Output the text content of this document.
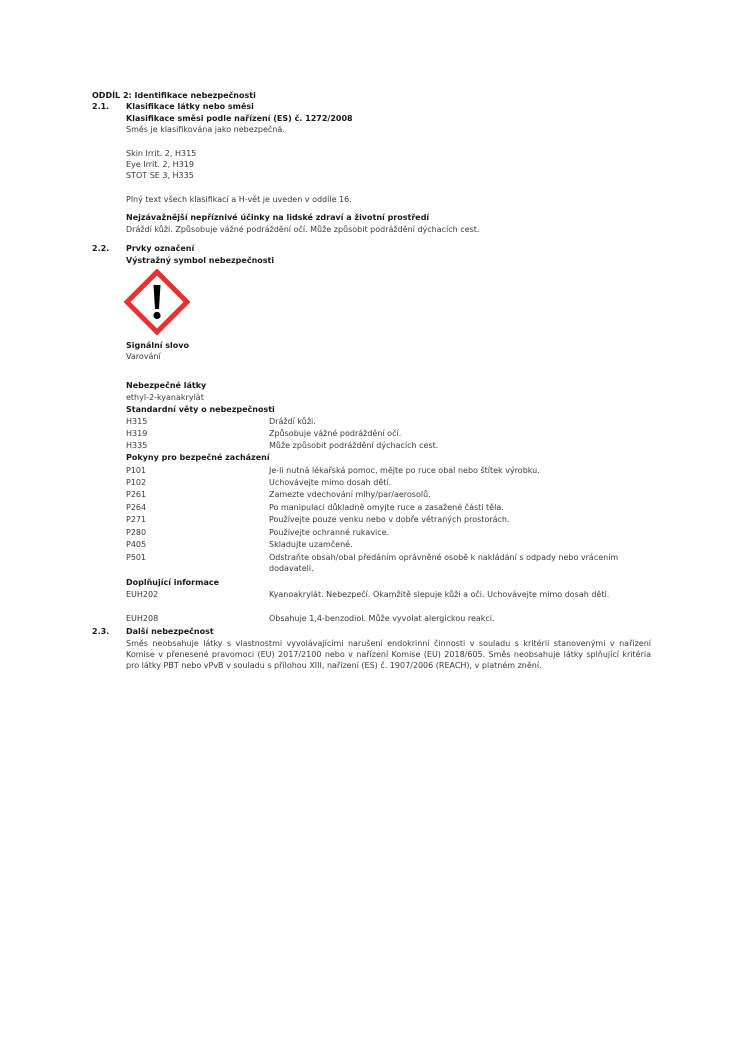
ODDÍL 2: Identifikace nebezpečnosti
2.1. Klasifikace látky nebo směsi
Klasifikace směsi podle nařízení (ES) č. 1272/2008
Směs je klasifikována jako nebezpečná.
Skin Irrit. 2, H315
Eye Irrit. 2, H319
STOT SE 3, H335
Plný text všech klasifikací a H-vět je uveden v oddíle 16.
Nejzávažnější nepříznivé účinky na lidské zdraví a životní prostředí
Dráždí kůži. Způsobuje vážné podráždění očí. Může způsobit podráždění dýchacích cest.
2.2. Prvky označení
Výstražný symbol nebezpečnosti
Signální slovo
Varování
Nebezpečné látky
ethyl-2-kyanakrylát
Standardní věty o nebezpečnosti
H315	Dráždí kůži.
H319	Způsobuje vážné podráždění očí.
H335	Může způsobit podráždění dýchacích cest.
Pokyny pro bezpečné zacházení
P101	Je-li nutná lékařská pomoc, mějte po ruce obal nebo štítek výrobku.
P102	Uchovávejte mimo dosah dětí.
P261	Zamezte vdechování mlhy/par/aerosolů.
P264	Po manipulaci důkladně omyjte ruce a zasažené části těla.
P271	Používejte pouze venku nebo v dobře větraných prostorách.
P280	Používejte ochranné rukavice.
P405	Skladujte uzamčené.
P501	Odstraňte obsah/obal předáním oprávněné osobě k nakládání s odpady nebo vrácením dodavateli.
Doplňující informace
EUH202	Kyanoakrylát. Nebezpečí. Okamžitě slepuje kůži a oči. Uchovávejte mimo dosah dětí.
EUH208	Obsahuje 1,4-benzodiol. Může vyvolat alergickou reakci.
2.3. Další nebezpečnost
Směs neobsahuje látky s vlastnostmi vyvolávajícími narušení endokrinní činnosti v souladu s kritérii stanovenými v nařízení Komise v přenesené pravomoci (EU) 2017/2100 nebo v nařízení Komise (EU) 2018/605. Směs neobsahuje látky splňující kritéria pro látky PBT nebo vPvB v souladu s přílohou XIII, nařízení (ES) č. 1907/2006 (REACH), v platném znění.
